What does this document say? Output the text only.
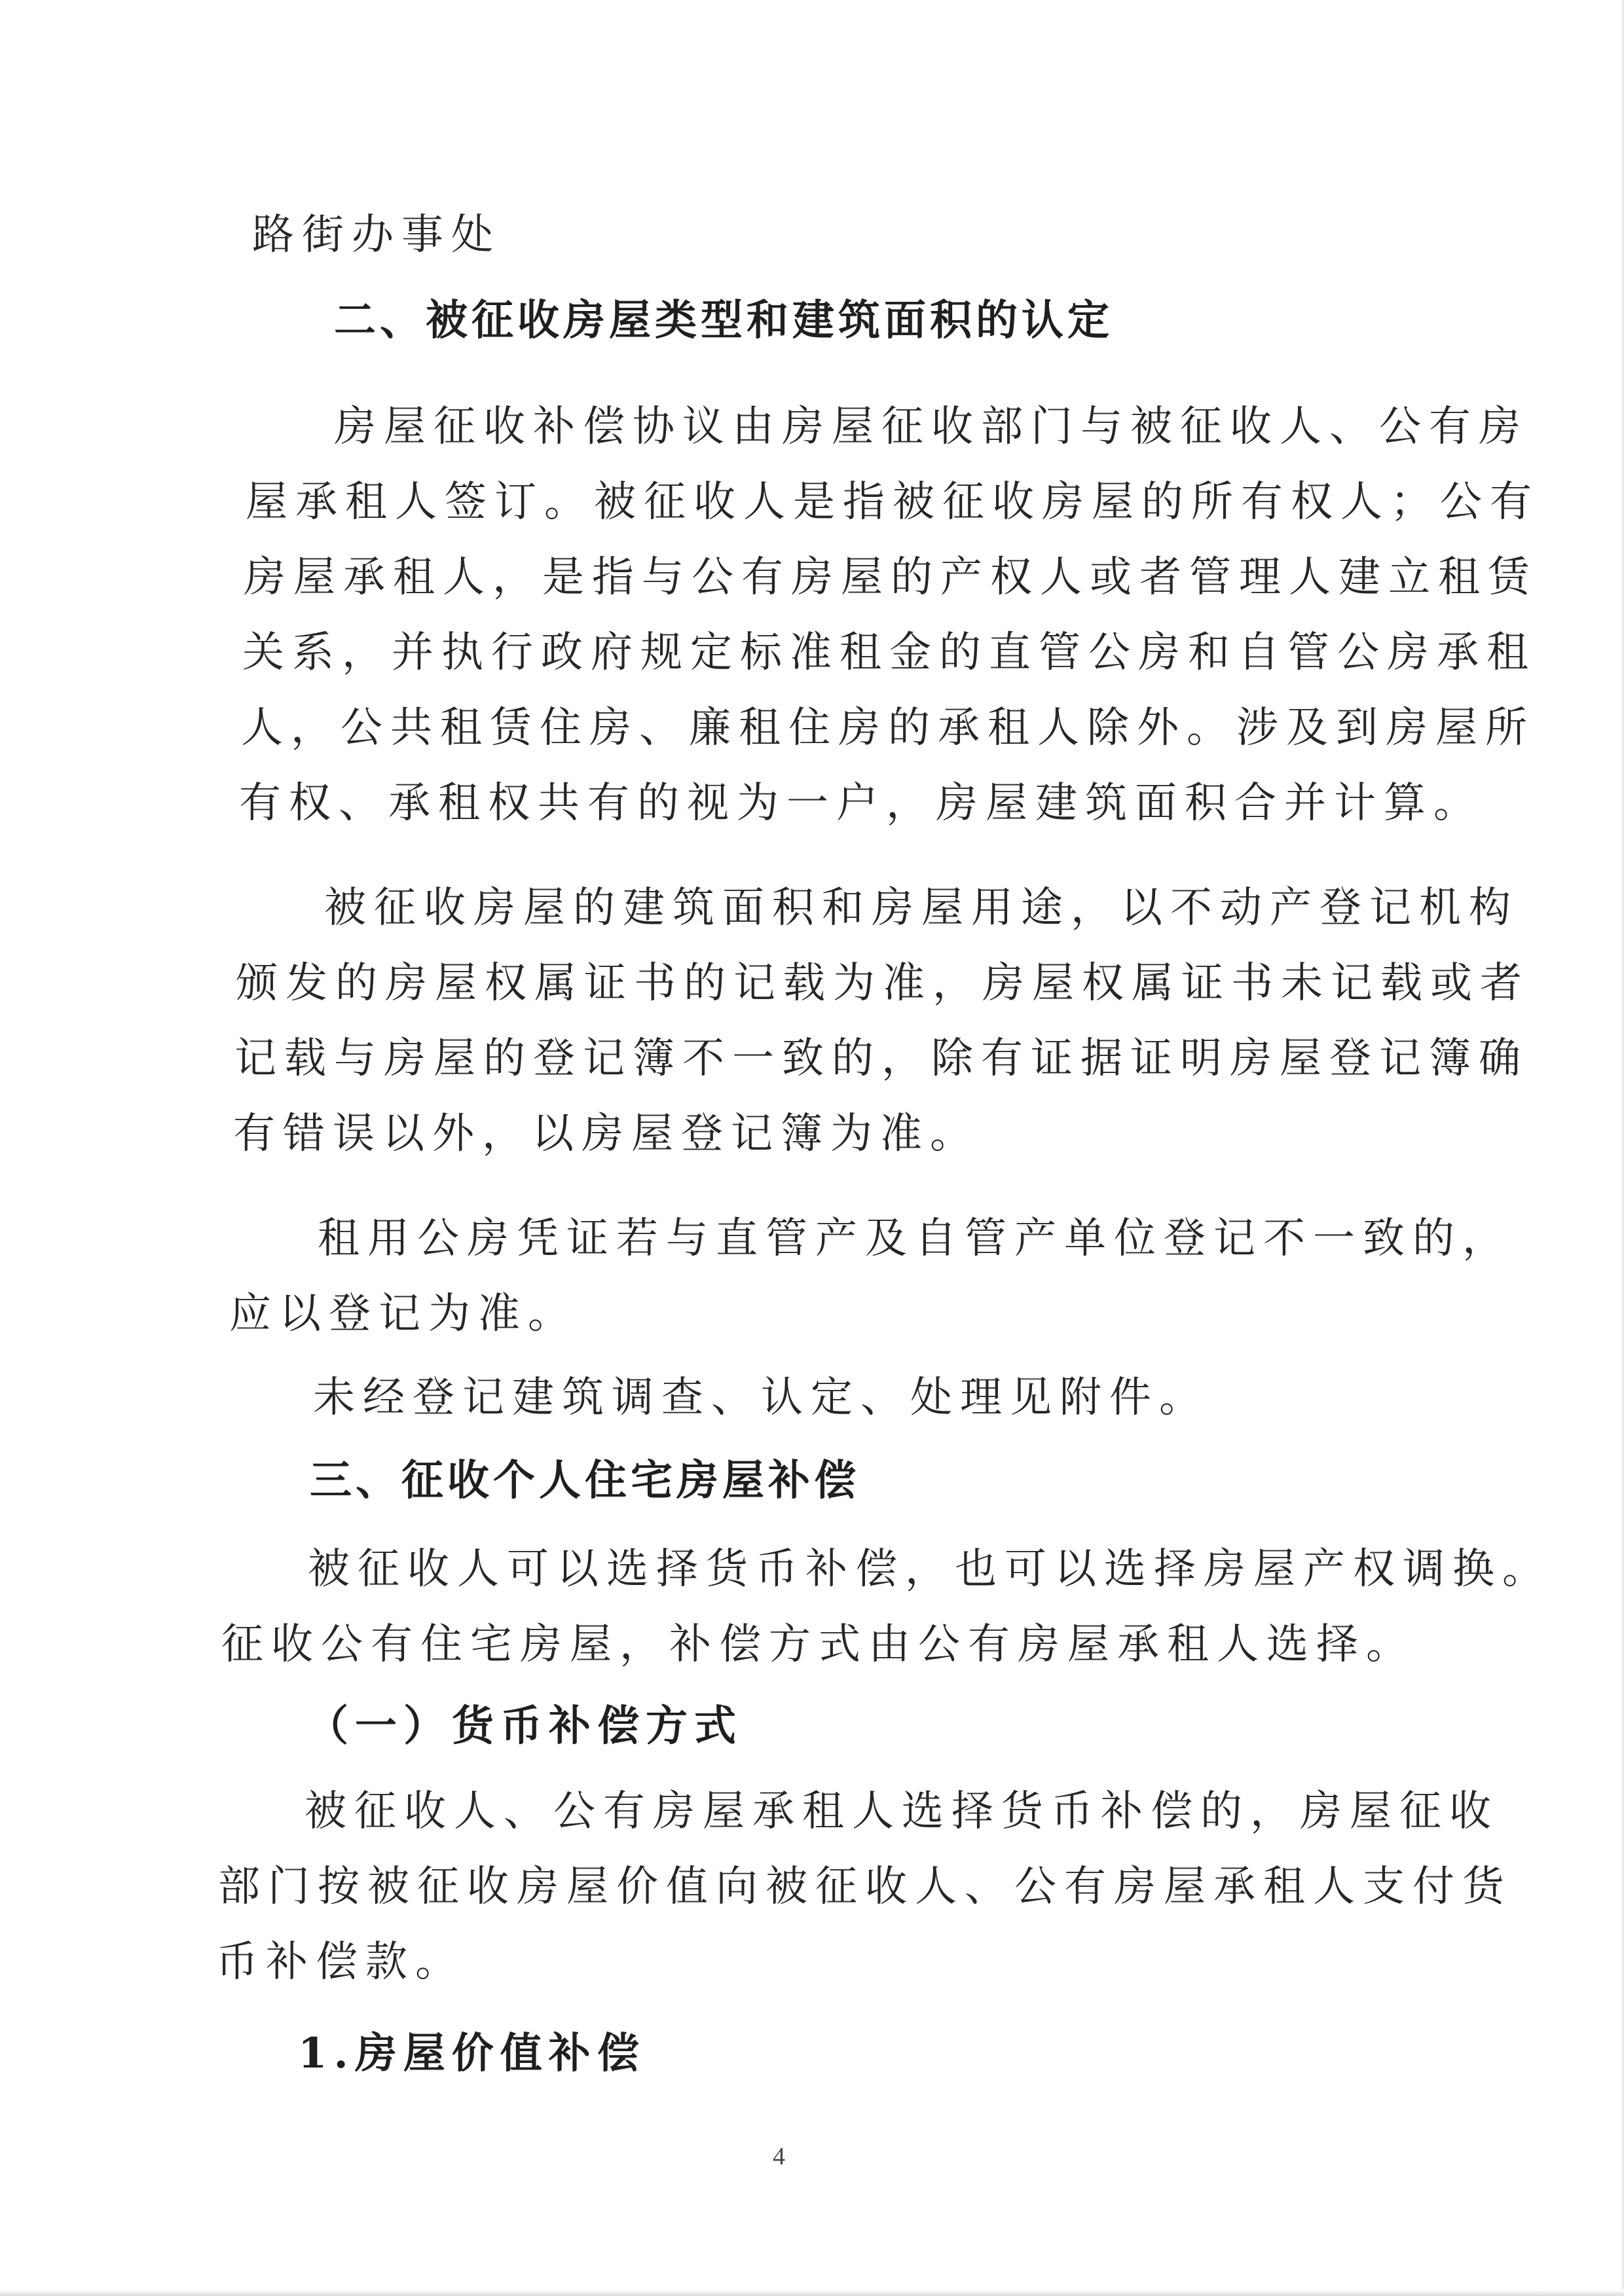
路街办事处
二、被征收房屋类型和建筑面积的认定
房屋征收补偿协议由房屋征收部门与被征收人、公有房
屋承租人签订。被征收人是指被征收房屋的所有权人；公有
房屋承租人，是指与公有房屋的产权人或者管理人建立租赁
关系，并执行政府规定标准租金的直管公房和自管公房承租
人，公共租赁住房、廉租住房的承租人除外。涉及到房屋所
有权、承租权共有的视为一户，房屋建筑面积合并计算。
被征收房屋的建筑面积和房屋用途，以不动产登记机构
颁发的房屋权属证书的记载为准，房屋权属证书未记载或者
记载与房屋的登记簿不一致的，除有证据证明房屋登记簿确
有错误以外，以房屋登记簿为准。
租用公房凭证若与直管产及自管产单位登记不一致的，
应以登记为准。
未经登记建筑调查、认定、处理见附件。
三、征收个人住宅房屋补偿
被征收人可以选择货币补偿，也可以选择房屋产权调换。
征收公有住宅房屋，补偿方式由公有房屋承租人选择。
（一）货币补偿方式
被征收人、公有房屋承租人选择货币补偿的，房屋征收
部门按被征收房屋价值向被征收人、公有房屋承租人支付货
币补偿款。
1.房屋价值补偿
4
